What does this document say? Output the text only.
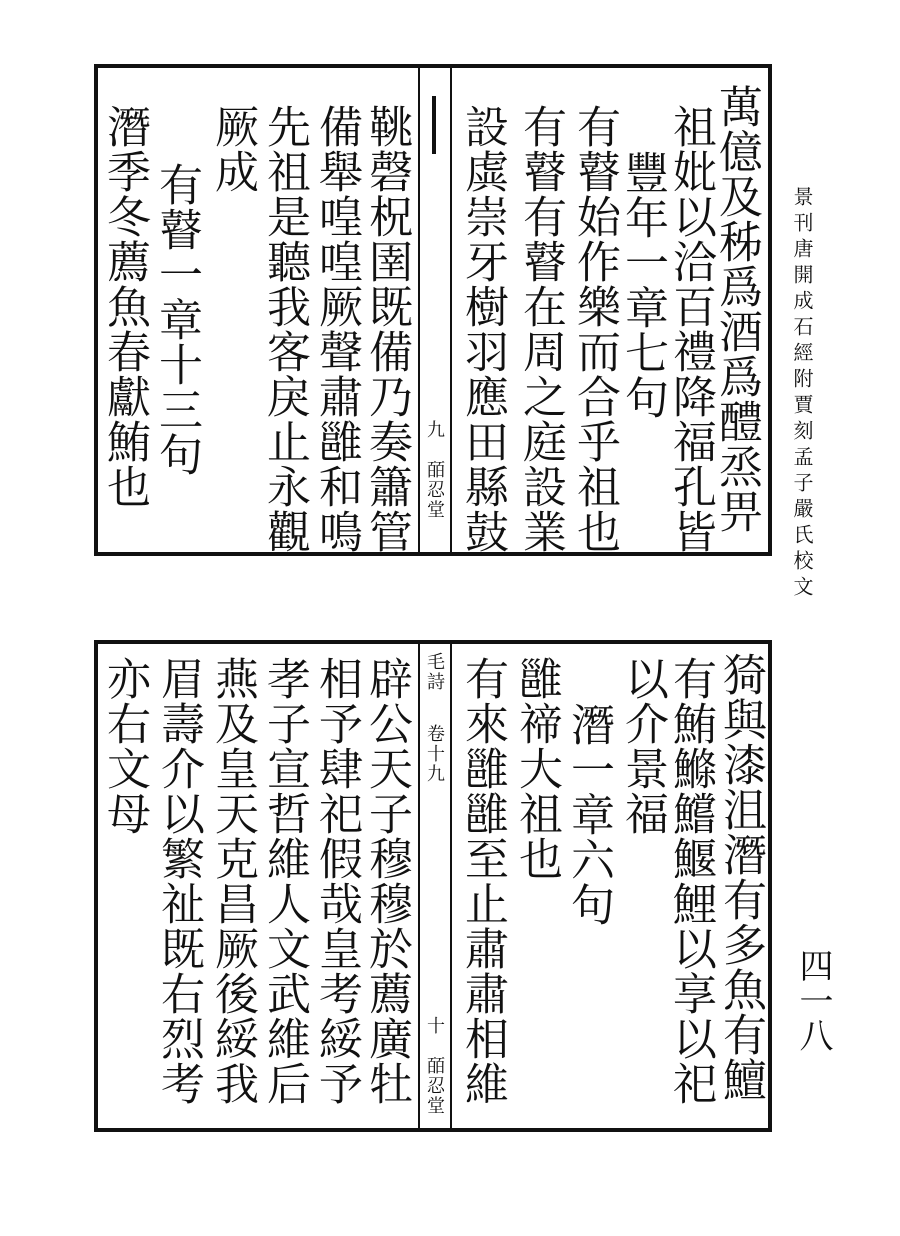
景刊唐開成石經附賈刻孟子嚴氏校文
四一八
九　皕忍堂	萬億及秭爲酒爲醴烝畀
祖妣以洽百禮降福孔皆
豐年一章七句
有瞽始作樂而合乎祖也
有瞽有瞽在周之庭設業
設虡崇牙樹羽應田縣鼓
鞉磬柷圉既備乃奏簫管
備舉喤喤厥聲肅雝和鳴
先祖是聽我客戾止永觀
厥成
有瞽一章十三句
潛季冬薦魚春獻鮪也
毛詩
卷十九
十　皕忍堂	猗與漆沮潛有多魚有鱣
有鮪鰷鱨鰋鯉以享以祀
以介景福
潛一章六句
雝禘大祖也
有來雝雝至止肅肅相維
辟公天子穆穆於薦廣牡
相予肆祀假哉皇考綏予
孝子宣哲維人文武維后
燕及皇天克昌厥後綏我
眉壽介以繁祉既右烈考
亦右文母
